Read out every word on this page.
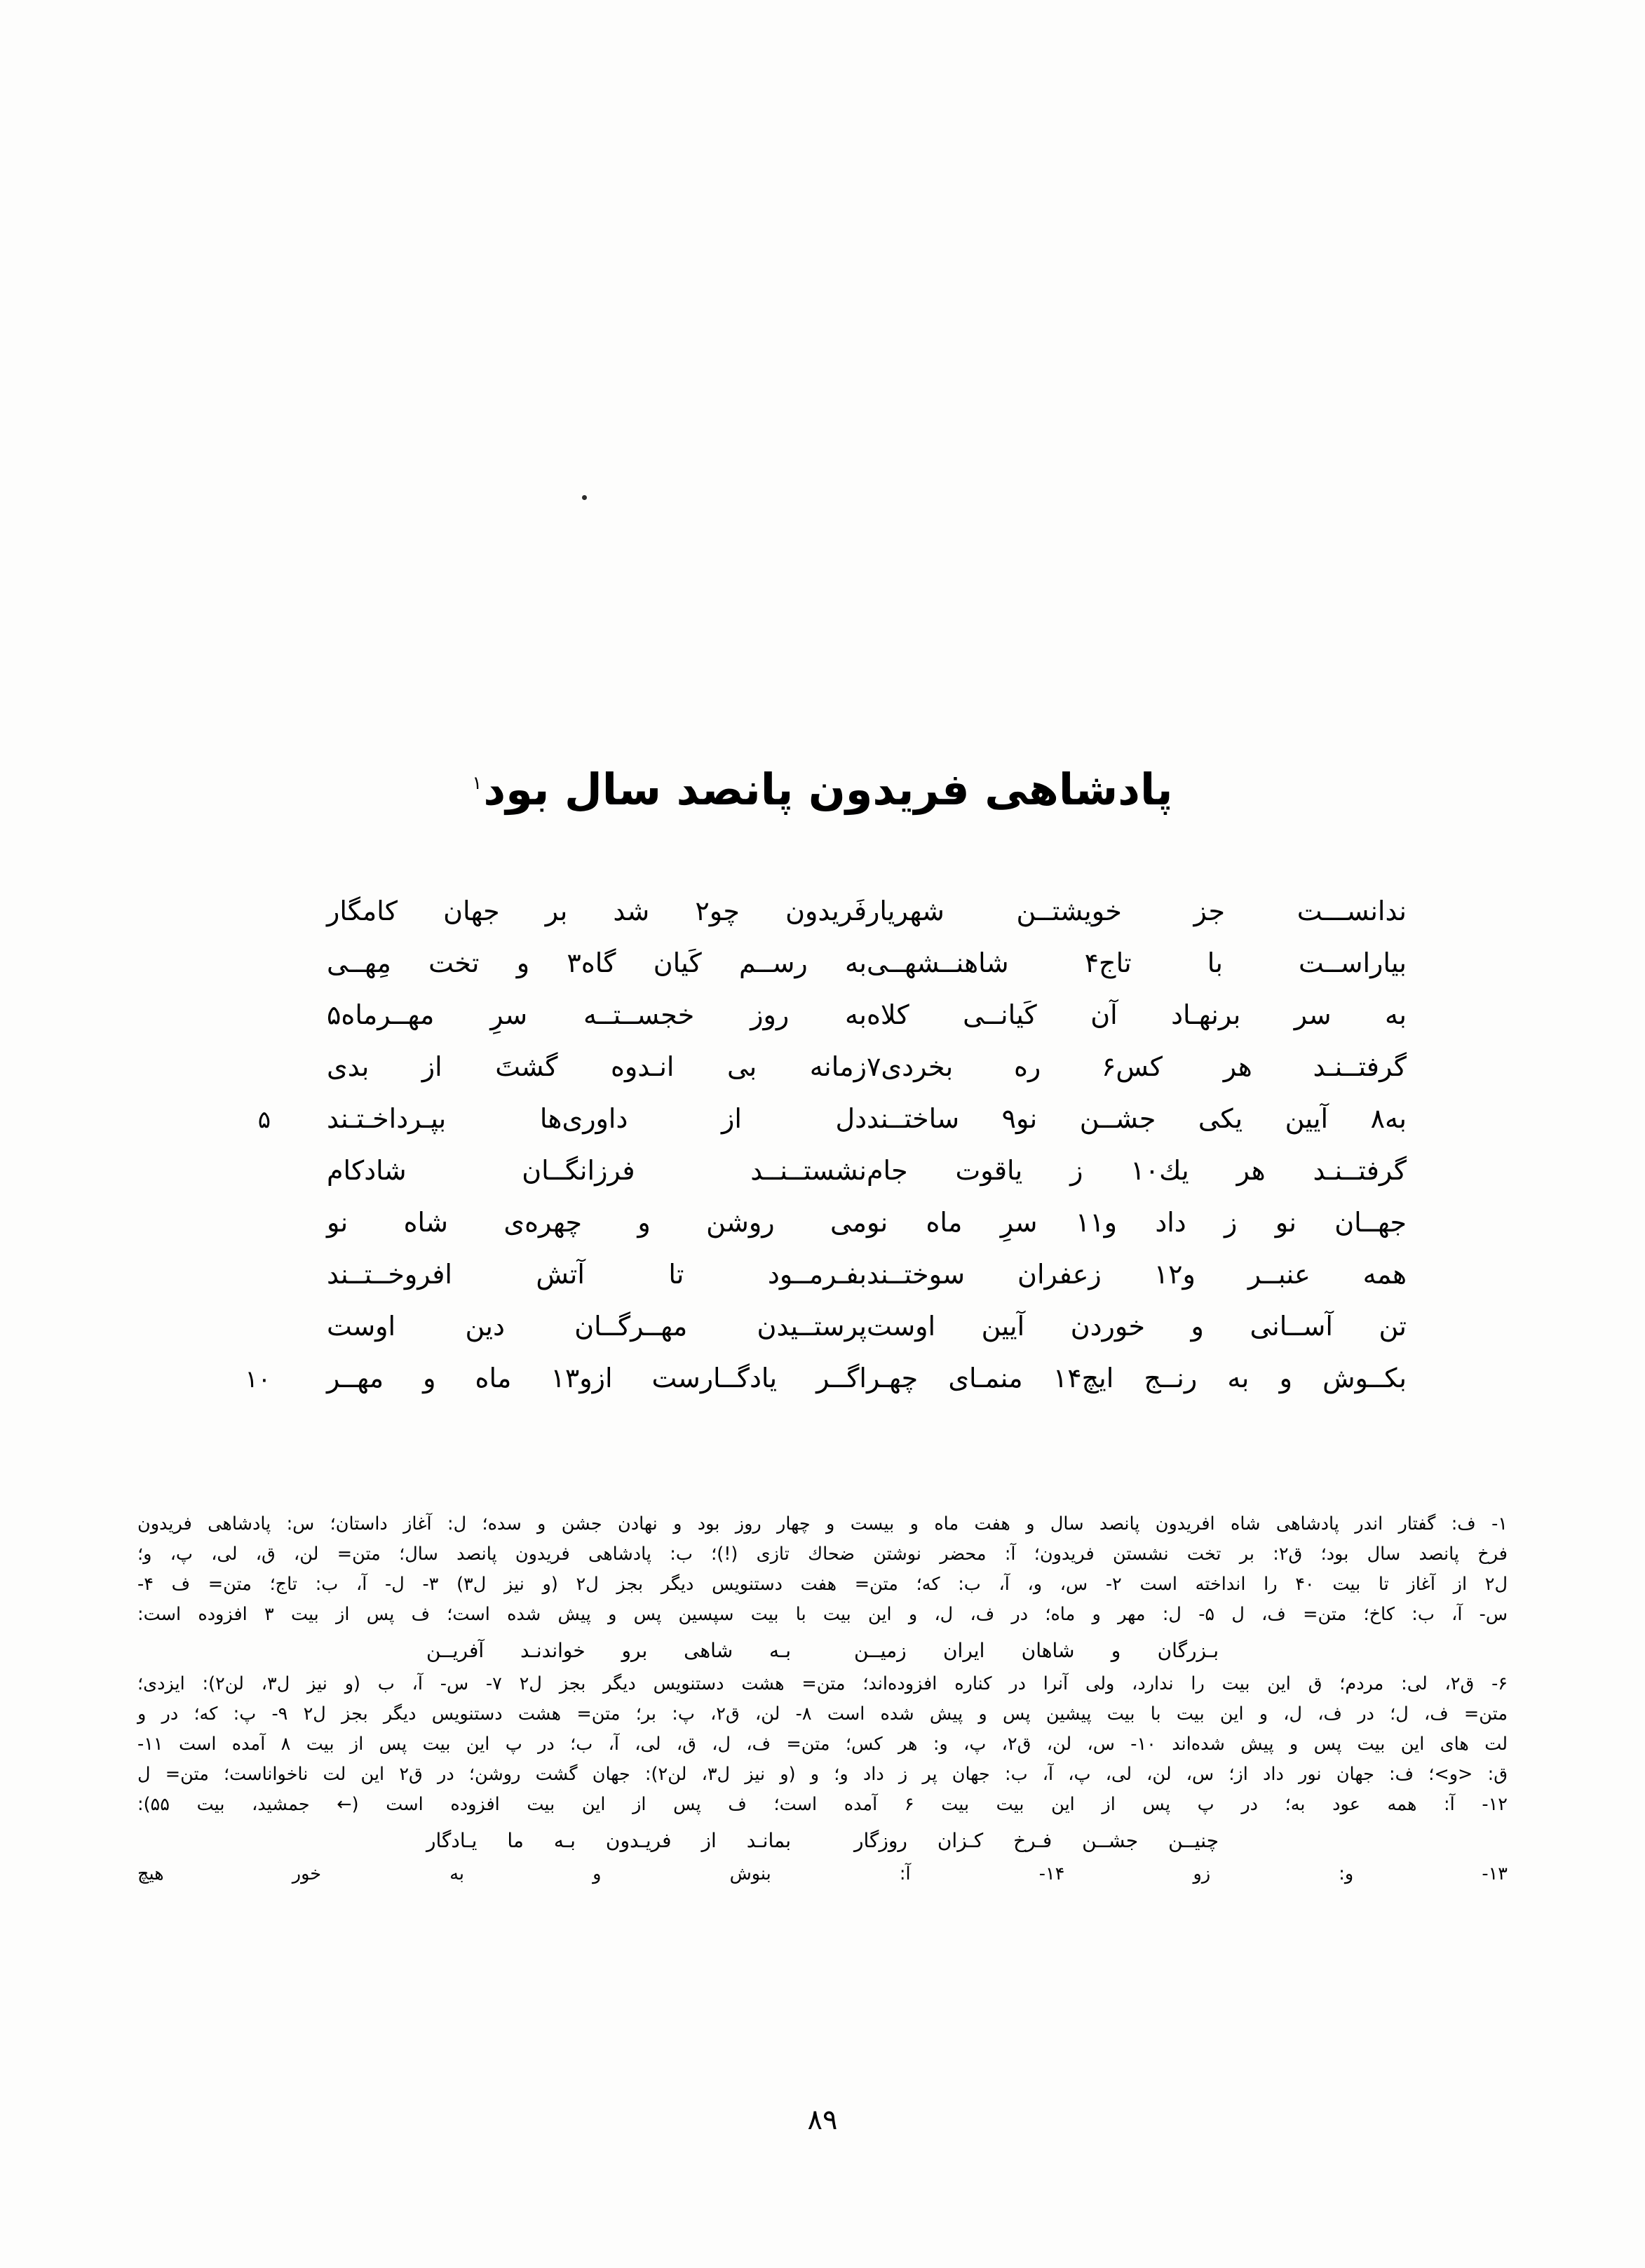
پادشاهی فریدون پانصد سال بود$^۱$
ندانســـت جز خویشتــن شهریار
فَریدون چو۲ شد بر جهان کامگار
بیاراســت با تاج۴ شاهنــشهــی
به رســم کَیان گاه۳ و تخت مِهــی
به سر برنهـاد آن کَیانــی کلاه
به روز خجســتــه سرِ مهــرماه۵
گرفتــنـد هر کس۶ ره بخردی۷
زمانه بی انـدوه گشتَ از بدی
به۸ آیین یکی جشــن نو۹ ساختــند
دل از داوری‌ها بپـرداخـتـند
۵
گرفتــنـد هر یك۱۰ ز یاقوت جام
نشستــنــد فرزانگــان شادکام
جهــان نو ز داد و۱۱ سرِ ماه نو
می روشن و چهره‌ی شاه نو
همه عنبــر و۱۲ زعفران سوختــند
بفـرمــود تا آتش افروخــتــند
تن آســانی و خوردن آیین اوست
پرستــیدن مهــرگــان دین اوست
بکــوش و به رنــج ایچ۱۴ منمـای چهـر
اگــر یادگــارست ازو۱۳ ماه و مهــر
۱۰
۱- ف: گفتار اندر پادشاهی شاه افریدون پانصد سال و هفت ماه و بیست و چهار روز بود و نهادن جشن و سده؛ ل: آغاز داستان؛ س: پادشاهی فریدون
فرخ پانصد سال بود؛ ق۲: بر تخت نشستن فریدون؛ آ: محضر نوشتن ضحاك تازی (!)؛ ب: پادشاهی فریدون پانصد سال؛ متن= لن، ق، لی، پ، و؛
ل۲ از آغاز تا بیت ۴۰ را انداخته است ۲- س، و، آ، ب: که؛ متن= هفت دستنویس دیگر بجز ل۲ (و نیز ل۳) ۳- ل- آ، ب: تاج؛ متن= ف ۴-
س- آ، ب: کاخ؛ متن= ف، ل ۵- ل: مهر و ماه؛ در ف، ل، و این بیت با بیت سپسین پس و پیش شده است؛ ف پس از بیت ۳ افزوده است:
بـزرگان و شاهان ایران زمیــن
بـه شاهی برو خواندنـد آفریــن
۶- ق۲، لی: مردم؛ ق این بیت را ندارد، ولی آنرا در کناره افزوده‌اند؛ متن= هشت دستنویس دیگر بجز ل۲ ۷- س- آ، ب (و نیز ل۳، لن۲): ایزدی؛
متن= ف، ل؛ در ف، ل، و این بیت با بیت پیشین پس و پیش شده است ۸- لن، ق۲، پ: بر؛ متن= هشت دستنویس دیگر بجز ل۲ ۹- پ: که؛ در و
لت های این بیت پس و پیش شده‌اند ۱۰- س، لن، ق۲، پ، و: هر کس؛ متن= ف، ل، ق، لی، آ، ب؛ در پ این بیت پس از بیت ۸ آمده است ۱۱-
ق: <و>؛ ف: جهان نور داد از؛ س، لن، لی، پ، آ، ب: جهان پر ز داد و؛ و (و نیز ل۳، لن۲): جهان گشت روشن؛ در ق۲ این لت ناخواناست؛ متن= ل
۱۲- آ: همه عود به؛ در پ پس از این بیت بیت ۶ آمده است؛ ف پس از این بیت افزوده است (← جمشید، بیت ۵۵):
چنیــن جشــن فـرخ کـزان روزگار
بمانـد از فریـدون بـه ما یـادگار
۱۳- و: زو ۱۴- آ: بنوش و به خور هیچ
۸۹
